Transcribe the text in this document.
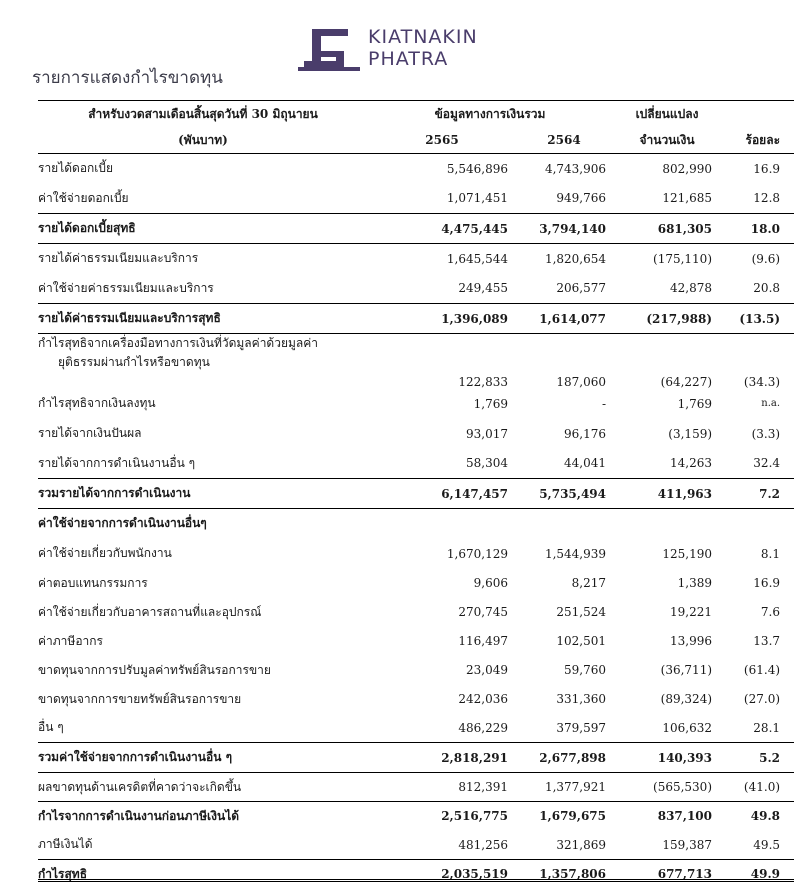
KIATNAKIN
PHATRA
รายการแสดงกำไรขาดทุน
สำหรับงวดสามเดือนสิ้นสุดวันที่ 30 มิถุนายน	ข้อมูลทางการเงินรวม		เปลี่ยนแปลง	
(พันบาท)	2565	2564	จำนวนเงิน	ร้อยละ
รายได้ดอกเบี้ย	5,546,896	4,743,906	802,990	16.9
ค่าใช้จ่ายดอกเบี้ย	1,071,451	949,766	121,685	12.8
รายได้ดอกเบี้ยสุทธิ	4,475,445	3,794,140	681,305	18.0
รายได้ค่าธรรมเนียมและบริการ	1,645,544	1,820,654	(175,110)	(9.6)
ค่าใช้จ่ายค่าธรรมเนียมและบริการ	249,455	206,577	42,878	20.8
รายได้ค่าธรรมเนียมและบริการสุทธิ	1,396,089	1,614,077	(217,988)	(13.5)

กำไรสุทธิจากเครื่องมือทางการเงินที่วัดมูลค่าด้วยมูลค่า
ยุติธรรมผ่านกำไรหรือขาดทุน	122,833	187,060	(64,227)	(34.3)
กำไรสุทธิจากเงินลงทุน	1,769	-	1,769	n.a.
รายได้จากเงินปันผล	93,017	96,176	(3,159)	(3.3)
รายได้จากการดำเนินงานอื่น ๆ	58,304	44,041	14,263	32.4
รวมรายได้จากการดำเนินงาน	6,147,457	5,735,494	411,963	7.2
ค่าใช้จ่ายจากการดำเนินงานอื่นๆ				
ค่าใช้จ่ายเกี่ยวกับพนักงาน	1,670,129	1,544,939	125,190	8.1
ค่าตอบแทนกรรมการ	9,606	8,217	1,389	16.9
ค่าใช้จ่ายเกี่ยวกับอาคารสถานที่และอุปกรณ์	270,745	251,524	19,221	7.6
ค่าภาษีอากร	116,497	102,501	13,996	13.7
ขาดทุนจากการปรับมูลค่าทรัพย์สินรอการขาย	23,049	59,760	(36,711)	(61.4)
ขาดทุนจากการขายทรัพย์สินรอการขาย	242,036	331,360	(89,324)	(27.0)
อื่น ๆ	486,229	379,597	106,632	28.1
รวมค่าใช้จ่ายจากการดำเนินงานอื่น ๆ	2,818,291	2,677,898	140,393	5.2
ผลขาดทุนด้านเครดิตที่คาดว่าจะเกิดขึ้น	812,391	1,377,921	(565,530)	(41.0)
กำไรจากการดำเนินงานก่อนภาษีเงินได้	2,516,775	1,679,675	837,100	49.8
ภาษีเงินได้	481,256	321,869	159,387	49.5
กำไรสุทธิ	2,035,519	1,357,806	677,713	49.9
